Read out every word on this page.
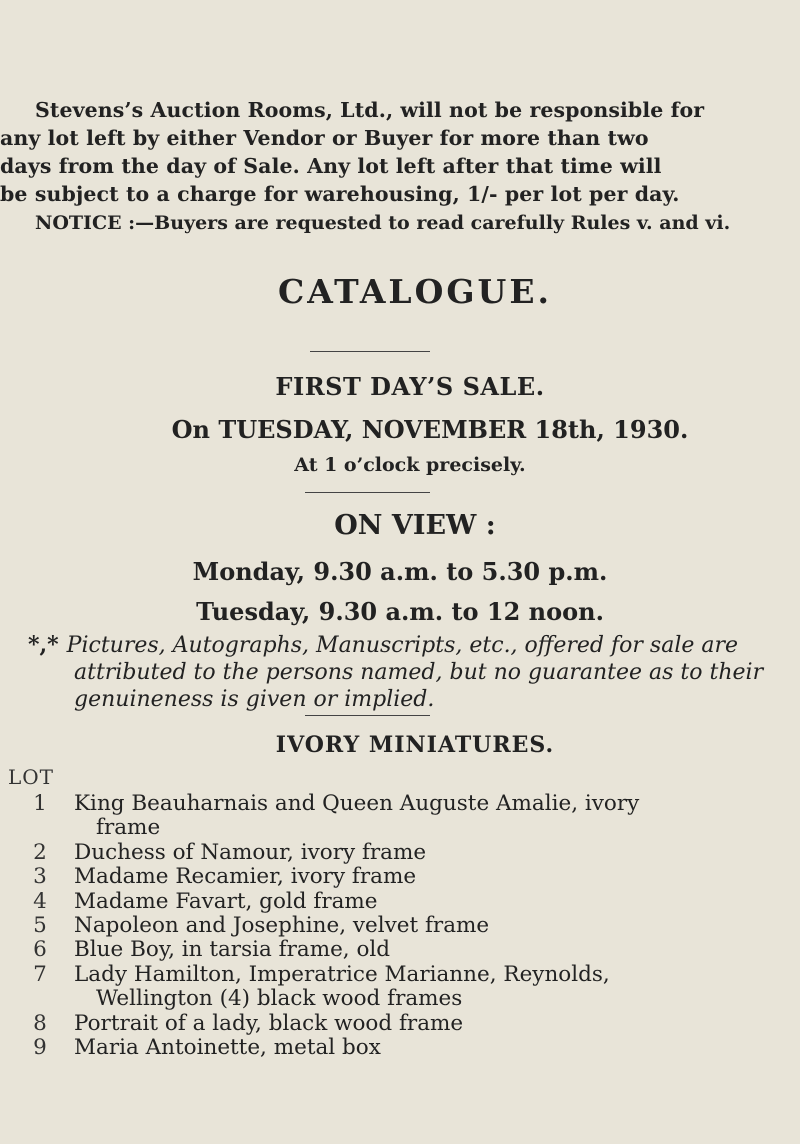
Stevens’s Auction Rooms, Ltd., will not be responsible for
any lot left by either Vendor or Buyer for more than two
days from the day of Sale. Any lot left after that time will
be subject to a charge for warehousing, 1/- per lot per day.
NOTICE :—Buyers are requested to read carefully Rules v. and vi.
CATALOGUE.
FIRST DAY’S SALE.
On TUESDAY, NOVEMBER 18th, 1930.
At 1 o’clock precisely.
ON VIEW :
Monday, 9.30 a.m. to 5.30 p.m.
Tuesday, 9.30 a.m. to 12 noon.
*,* Pictures, Autographs, Manuscripts, etc., offered for sale are
attributed to the persons named, but no guarantee as to their
genuineness is given or implied.
IVORY MINIATURES.
LOT
1 King Beauharnais and Queen Auguste Amalie, ivory
frame
2 Duchess of Namour, ivory frame
3 Madame Recamier, ivory frame
4 Madame Favart, gold frame
5 Napoleon and Josephine, velvet frame
6 Blue Boy, in tarsia frame, old
7 Lady Hamilton, Imperatrice Marianne, Reynolds,
Wellington (4) black wood frames
8 Portrait of a lady, black wood frame
9 Maria Antoinette, metal box
